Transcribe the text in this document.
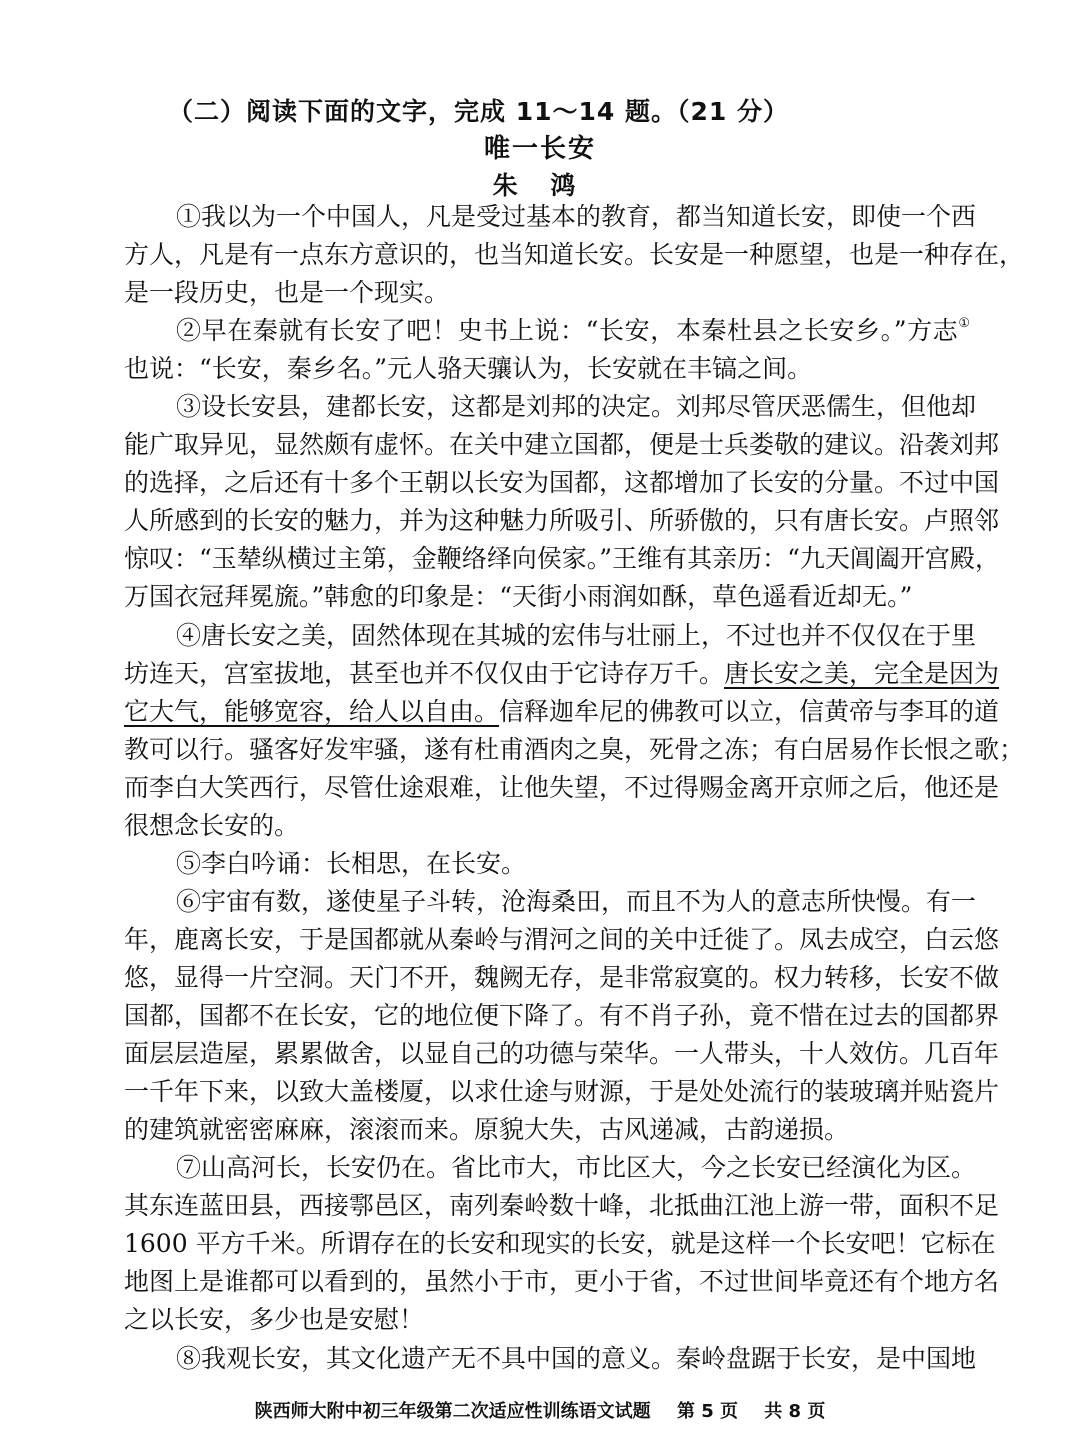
（二）阅读下面的文字，完成 11～14 题。（21 分）
唯一长安
朱 鸿
①我以为一个中国人，凡是受过基本的教育，都当知道长安，即使一个西
方人，凡是有一点东方意识的，也当知道长安。长安是一种愿望，也是一种存在，
是一段历史，也是一个现实。
②早在秦就有长安了吧！史书上说：“长安，本秦杜县之长安乡。”方志①
也说：“长安，秦乡名。”元人骆天骧认为，长安就在丰镐之间。
③设长安县，建都长安，这都是刘邦的决定。刘邦尽管厌恶儒生，但他却
能广取异见，显然颇有虚怀。在关中建立国都，便是士兵娄敬的建议。沿袭刘邦
的选择，之后还有十多个王朝以长安为国都，这都增加了长安的分量。不过中国
人所感到的长安的魅力，并为这种魅力所吸引、所骄傲的，只有唐长安。卢照邻
惊叹：“玉辇纵横过主第，金鞭络绎向侯家。”王维有其亲历：“九天阊阖开宫殿，
万国衣冠拜冕旒。”韩愈的印象是：“天街小雨润如酥，草色遥看近却无。”
④唐长安之美，固然体现在其城的宏伟与壮丽上，不过也并不仅仅在于里
坊连天，宫室拔地，甚至也并不仅仅由于它诗存万千。唐长安之美，完全是因为
它大气，能够宽容，给人以自由。信释迦牟尼的佛教可以立，信黄帝与李耳的道
教可以行。骚客好发牢骚，遂有杜甫酒肉之臭，死骨之冻；有白居易作长恨之歌；
而李白大笑西行，尽管仕途艰难，让他失望，不过得赐金离开京师之后，他还是
很想念长安的。
⑤李白吟诵：长相思，在长安。
⑥宇宙有数，遂使星子斗转，沧海桑田，而且不为人的意志所快慢。有一
年，鹿离长安，于是国都就从秦岭与渭河之间的关中迁徙了。凤去成空，白云悠
悠，显得一片空洞。天门不开，魏阙无存，是非常寂寞的。权力转移，长安不做
国都，国都不在长安，它的地位便下降了。有不肖子孙，竟不惜在过去的国都界
面层层造屋，累累做舍，以显自己的功德与荣华。一人带头，十人效仿。几百年
一千年下来，以致大盖楼厦，以求仕途与财源，于是处处流行的装玻璃并贴瓷片
的建筑就密密麻麻，滚滚而来。原貌大失，古风递减，古韵递损。
⑦山高河长，长安仍在。省比市大，市比区大，今之长安已经演化为区。
其东连蓝田县，西接鄠邑区，南列秦岭数十峰，北抵曲江池上游一带，面积不足
1600 平方千米。所谓存在的长安和现实的长安，就是这样一个长安吧！它标在
地图上是谁都可以看到的，虽然小于市，更小于省，不过世间毕竟还有个地方名
之以长安，多少也是安慰！
⑧我观长安，其文化遗产无不具中国的意义。秦岭盘踞于长安，是中国地
陕西师大附中初三年级第二次适应性训练语文试题 第 5 页 共 8 页
